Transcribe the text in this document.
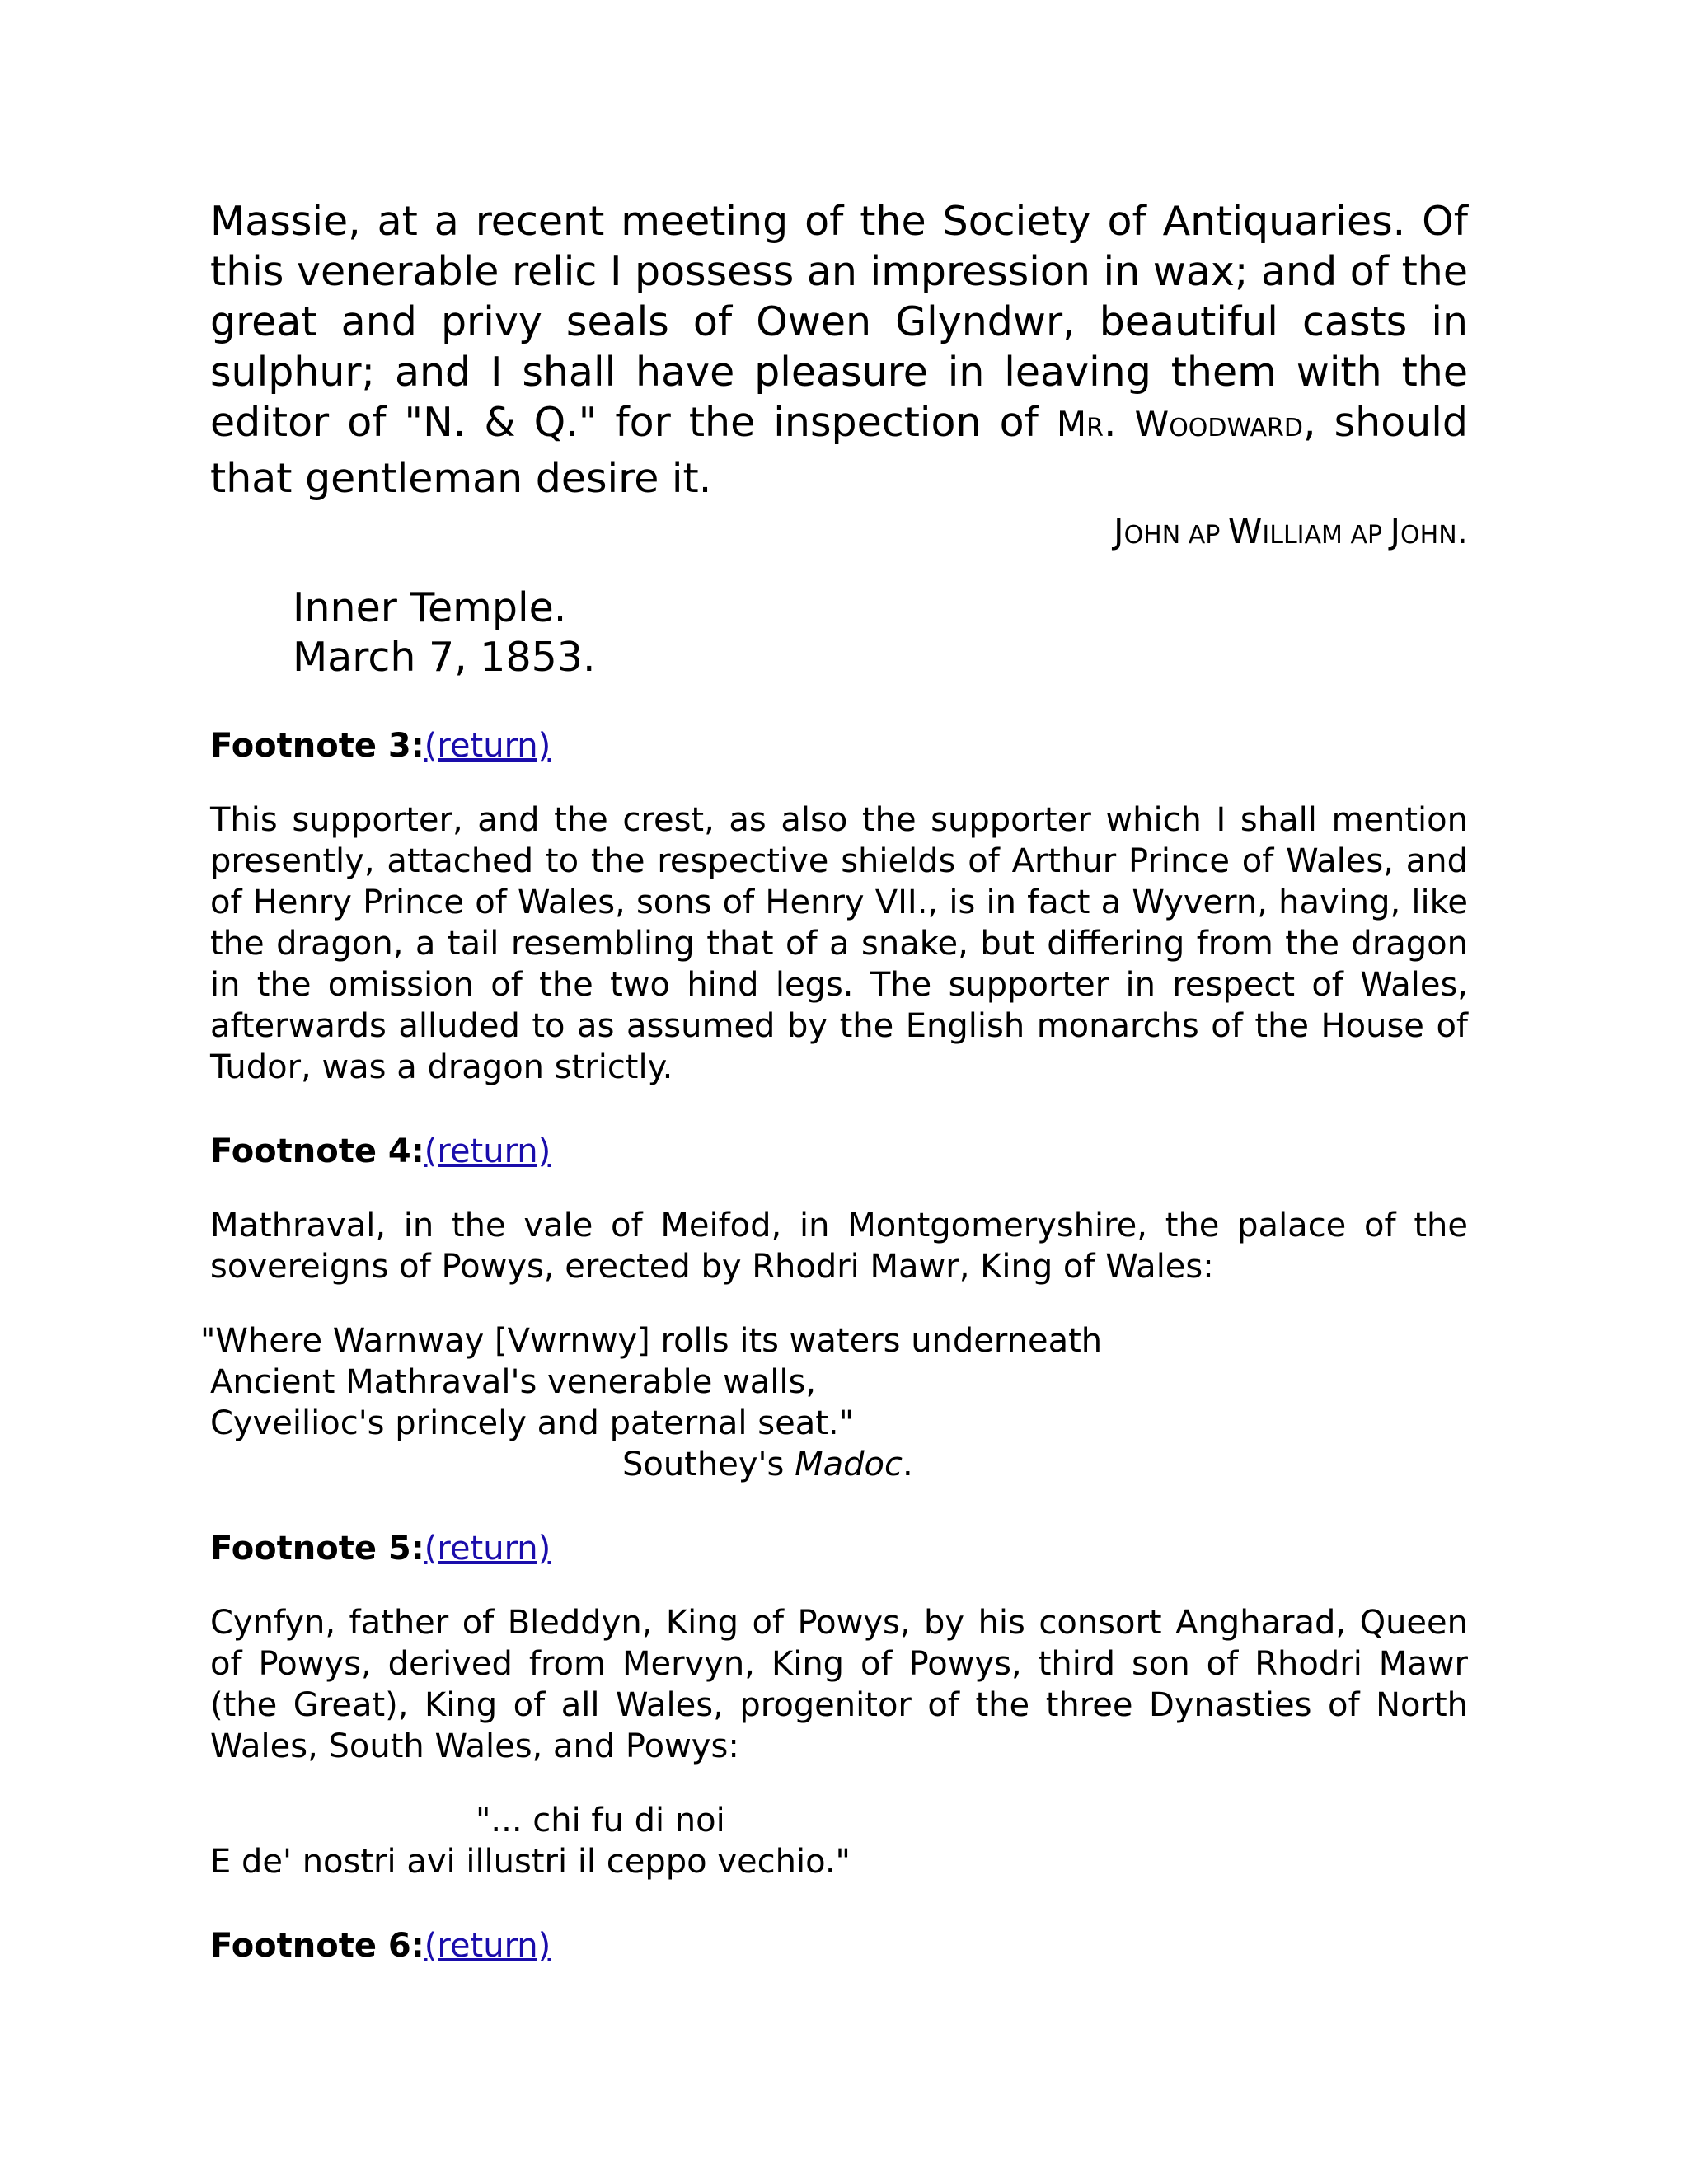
Massie, at a recent meeting of the Society of Antiquaries. Of this venerable relic I possess an impression in wax; and of the great and privy seals of Owen Glyndwr, beautiful casts in sulphur; and I shall have pleasure in leaving them with the editor of "N. & Q." for the inspection of MR. WOODWARD, should that gentleman desire it.

JOHN AP WILLIAM AP JOHN.

Inner Temple.
March 7, 1853.
Footnote 3:(return)

This supporter, and the crest, as also the supporter which I shall mention presently, attached to the respective shields of Arthur Prince of Wales, and of Henry Prince of Wales, sons of Henry VII., is in fact a Wyvern, having, like the dragon, a tail resembling that of a snake, but differing from the dragon in the omission of the two hind legs. The supporter in respect of Wales, afterwards alluded to as assumed by the English monarchs of the House of Tudor, was a dragon strictly.

Footnote 4:(return)

Mathraval, in the vale of Meifod, in Montgomeryshire, the palace of the sovereigns of Powys, erected by Rhodri Mawr, King of Wales:

"Where Warnway [Vwrnwy] rolls its waters underneath
Ancient Mathraval's venerable walls,
Cyveilioc's princely and paternal seat."
Southey's Madoc.
Footnote 5:(return)

Cynfyn, father of Bleddyn, King of Powys, by his consort Angharad, Queen of Powys, derived from Mervyn, King of Powys, third son of Rhodri Mawr (the Great), King of all Wales, progenitor of the three Dynasties of North Wales, South Wales, and Powys:

"... chi fu di noi
E de' nostri avi illustri il ceppo vechio."
Footnote 6:(return)
